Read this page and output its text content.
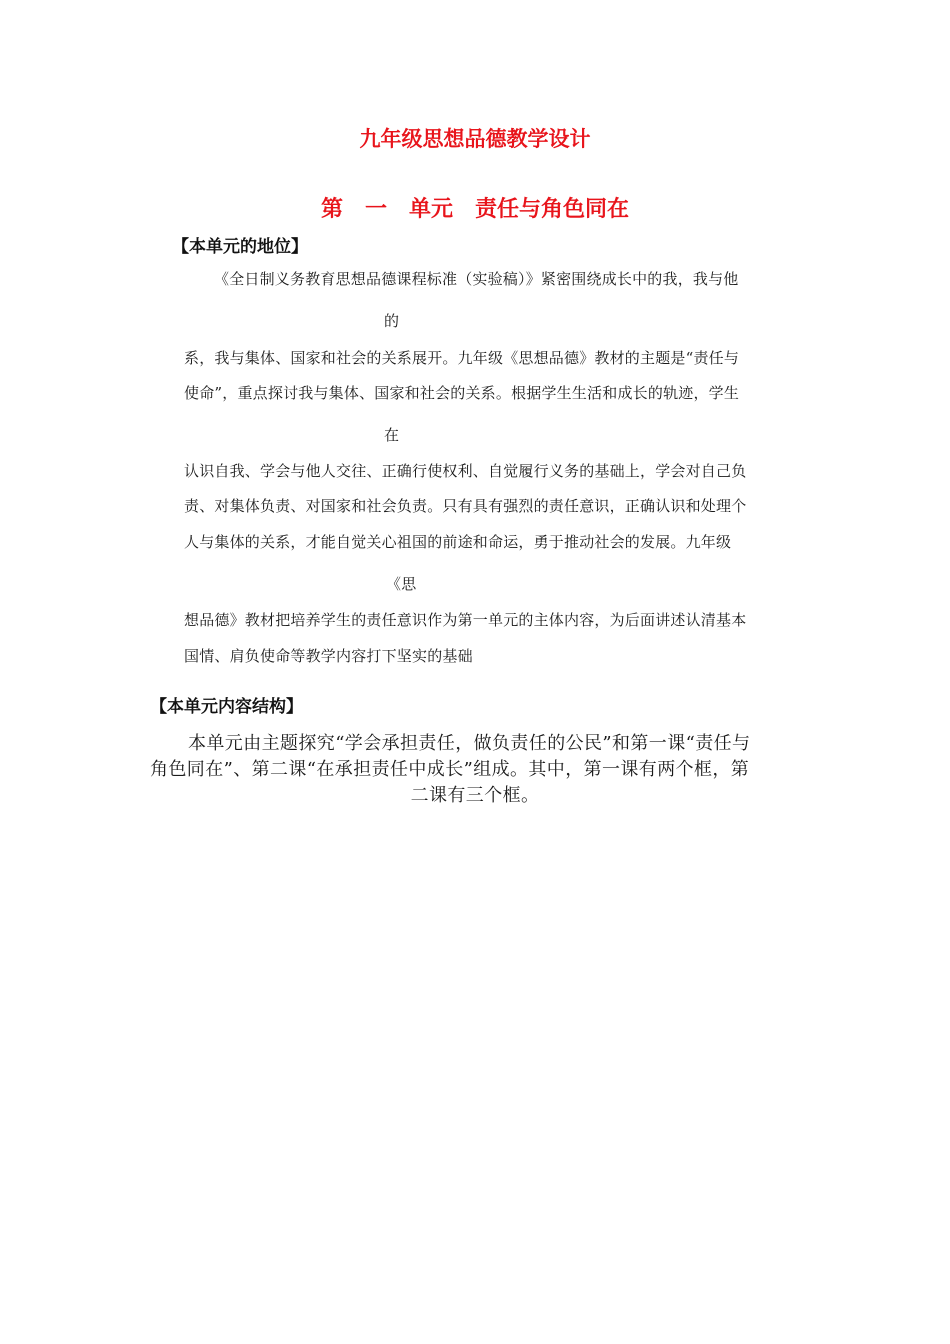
九年级思想品德教学设计
第　一　单元　责任与角色同在
【本单元的地位】
《全日制义务教育思想品德课程标准（实验稿）》紧密围绕成长中的我，我与他
的
系，我与集体、国家和社会的关系展开。九年级《思想品德》教材的主题是“责任与
使命”，重点探讨我与集体、国家和社会的关系。根据学生生活和成长的轨迹，学生
在
认识自我、学会与他人交往、正确行使权利、自觉履行义务的基础上，学会对自己负
责、对集体负责、对国家和社会负责。只有具有强烈的责任意识，正确认识和处理个
人与集体的关系，才能自觉关心祖国的前途和命运，勇于推动社会的发展。九年级
《思
想品德》教材把培养学生的责任意识作为第一单元的主体内容，为后面讲述认清基本
国情、肩负使命等教学内容打下坚实的基础
【本单元内容结构】
本单元由主题探究“学会承担责任，做负责任的公民”和第一课“责任与
角色同在”、第二课“在承担责任中成长”组成。其中，第一课有两个框，第
二课有三个框。
